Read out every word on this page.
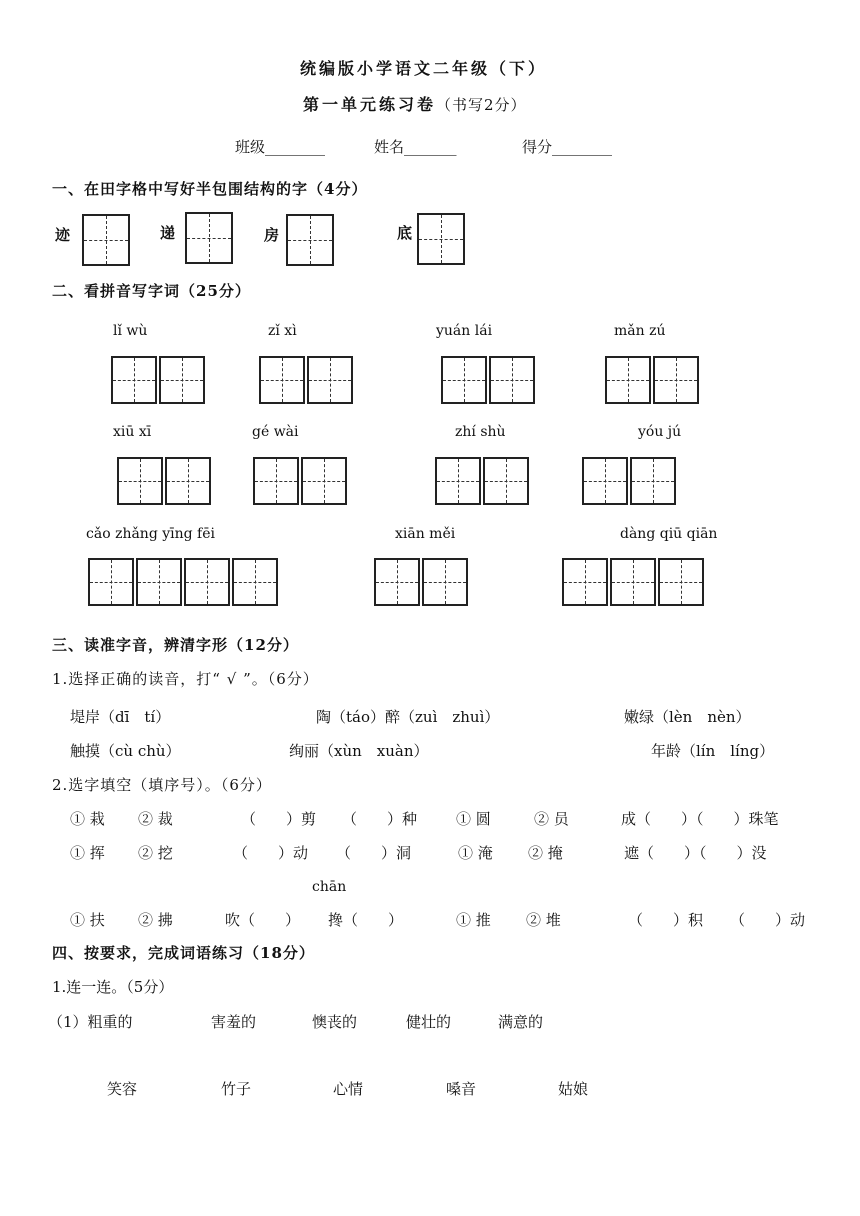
统编版小学语文二年级（下）
第一单元练习卷（书写2分）
班级________	姓名_______	得分________
一、在田字格中写好半包围结构的字（4分）
迹	递	房	底
二、看拼音写字词（25分）
lǐ wù	zǐ xì	yuán lái	mǎn zú
xiū xī	gé wài	zhí shù	yóu jú
cǎo zhǎng yīng fēi	xiān měi	dàng qiū qiān
三、读准字音，辨清字形（12分）
1.选择正确的读音，打“ √ ”。（6分）
堤岸（dī　tí）	陶（táo）醉（zuì　zhuì）	嫩绿（lèn　nèn）
触摸（cù chù）	绚丽（xùn　xuàn）	年龄（lín　líng）
2.选字填空（填序号）。（6分）
① 栽 ② 裁	（　　）剪 （　　）种	① 圆	② 员	成（　　）（　　）珠笔
① 挥 ② 挖	（　　）动 （　　）洞	① 淹 ② 掩	遮（　　）（　　）没
chān
① 扶 ② 拂	吹（　　） 搀（　　）	① 推 ② 堆	（　　）积 （　　）动
四、按要求，完成词语练习（18分）
1.连一连。（5分）
（1）粗重的	害羞的	懊丧的	健壮的	满意的
笑容	竹子	心情	嗓音	姑娘
